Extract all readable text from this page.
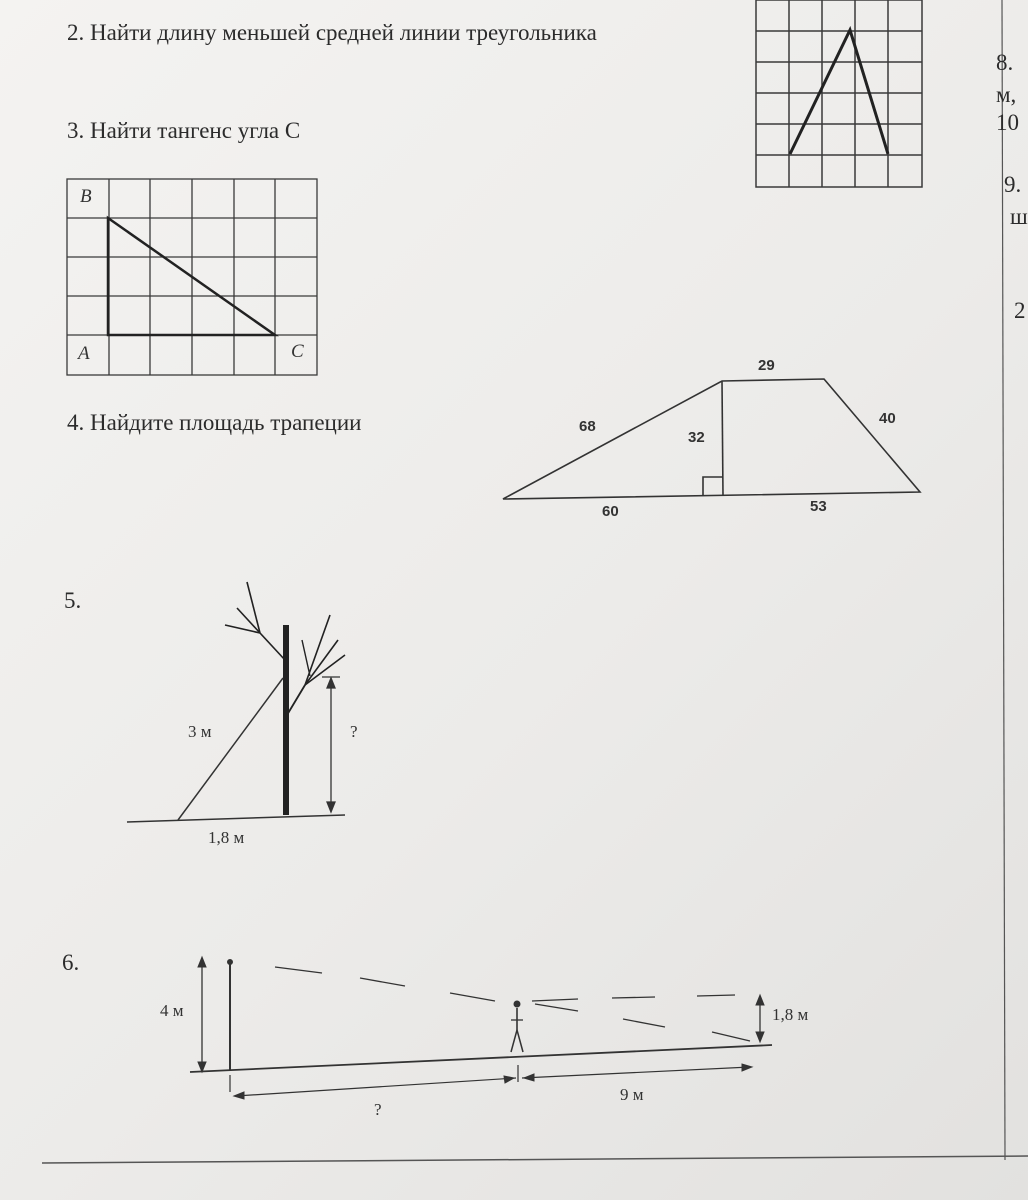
2. Найти длину меньшей средней линии треугольника
3. Найти тангенс угла С
B
A	C
4. Найдите площадь трапеции
29
68
32
40
60	53
5.
3 м	?
1,8 м
6.
4 м	1,8 м
?
9 м
8.
м,
10
9.
ш
2
